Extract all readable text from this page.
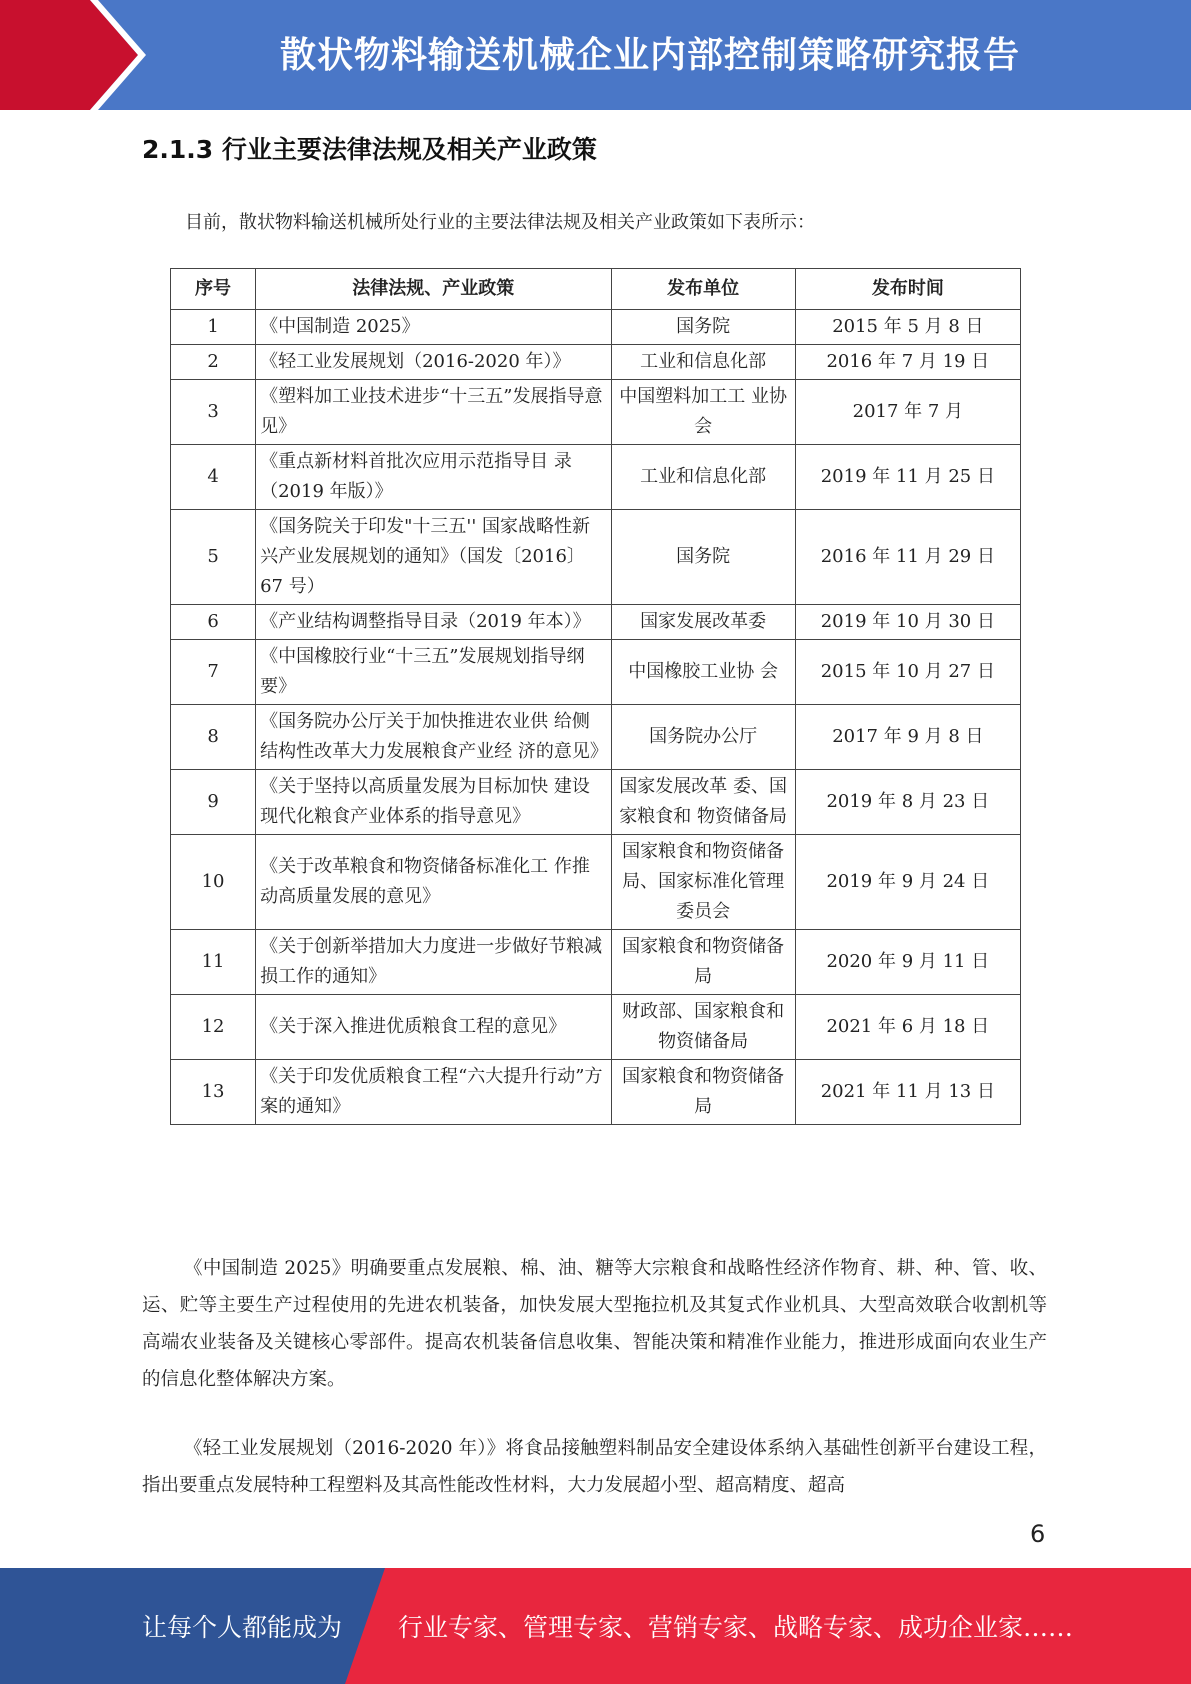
散状物料输送机械企业内部控制策略研究报告
2.1.3 行业主要法律法规及相关产业政策
目前，散状物料输送机械所处行业的主要法律法规及相关产业政策如下表所示：
序号	法律法规、产业政策	发布单位	发布时间
1	《中国制造 2025》	国务院	2015 年 5 月 8 日
2	《轻工业发展规划（2016-2020 年）》	工业和信息化部	2016 年 7 月 19 日
3	《塑料加工业技术进步“十三五”发展指导意见》	中国塑料加工工 业协会	2017 年 7 月
4	《重点新材料首批次应用示范指导目 录（2019 年版）》	工业和信息化部	2019 年 11 月 25 日
5	《国务院关于印发"十三五'' 国家战略性新兴产业发展规划的通知》（国发〔2016〕 67 号）	国务院	2016 年 11 月 29 日
6	《产业结构调整指导目录（2019 年本）》	国家发展改革委	2019 年 10 月 30 日
7	《中国橡胶行业“十三五”发展规划指导纲要》	中国橡胶工业协 会	2015 年 10 月 27 日
8	《国务院办公厅关于加快推进农业供 给侧结构性改革大力发展粮食产业经 济的意见》	国务院办公厅	2017 年 9 月 8 日
9	《关于坚持以高质量发展为目标加快 建设现代化粮食产业体系的指导意见》	国家发展改革 委、国家粮食和 物资储备局	2019 年 8 月 23 日
10	《关于改革粮食和物资储备标准化工 作推动高质量发展的意见》	国家粮食和物资储备局、国家标准化管理委员会	2019 年 9 月 24 日
11	《关于创新举措加大力度进一步做好节粮减损工作的通知》	国家粮食和物资储备局	2020 年 9 月 11 日
12	《关于深入推进优质粮食工程的意见》	财政部、国家粮食和物资储备局	2021 年 6 月 18 日
13	《关于印发优质粮食工程“六大提升行动”方案的通知》	国家粮食和物资储备局	2021 年 11 月 13 日
《中国制造 2025》明确要重点发展粮、棉、油、糖等大宗粮食和战略性经济作物育、耕、种、管、收、运、贮等主要生产过程使用的先进农机装备，加快发展大型拖拉机及其复式作业机具、大型高效联合收割机等高端农业装备及关键核心零部件。提高农机装备信息收集、智能决策和精准作业能力，推进形成面向农业生产的信息化整体解决方案。
《轻工业发展规划（2016-2020 年）》将食品接触塑料制品安全建设体系纳入基础性创新平台建设工程，指出要重点发展特种工程塑料及其高性能改性材料，大力发展超小型、超高精度、超高
6
让每个人都能成为 行业专家、管理专家、营销专家、战略专家、成功企业家……
